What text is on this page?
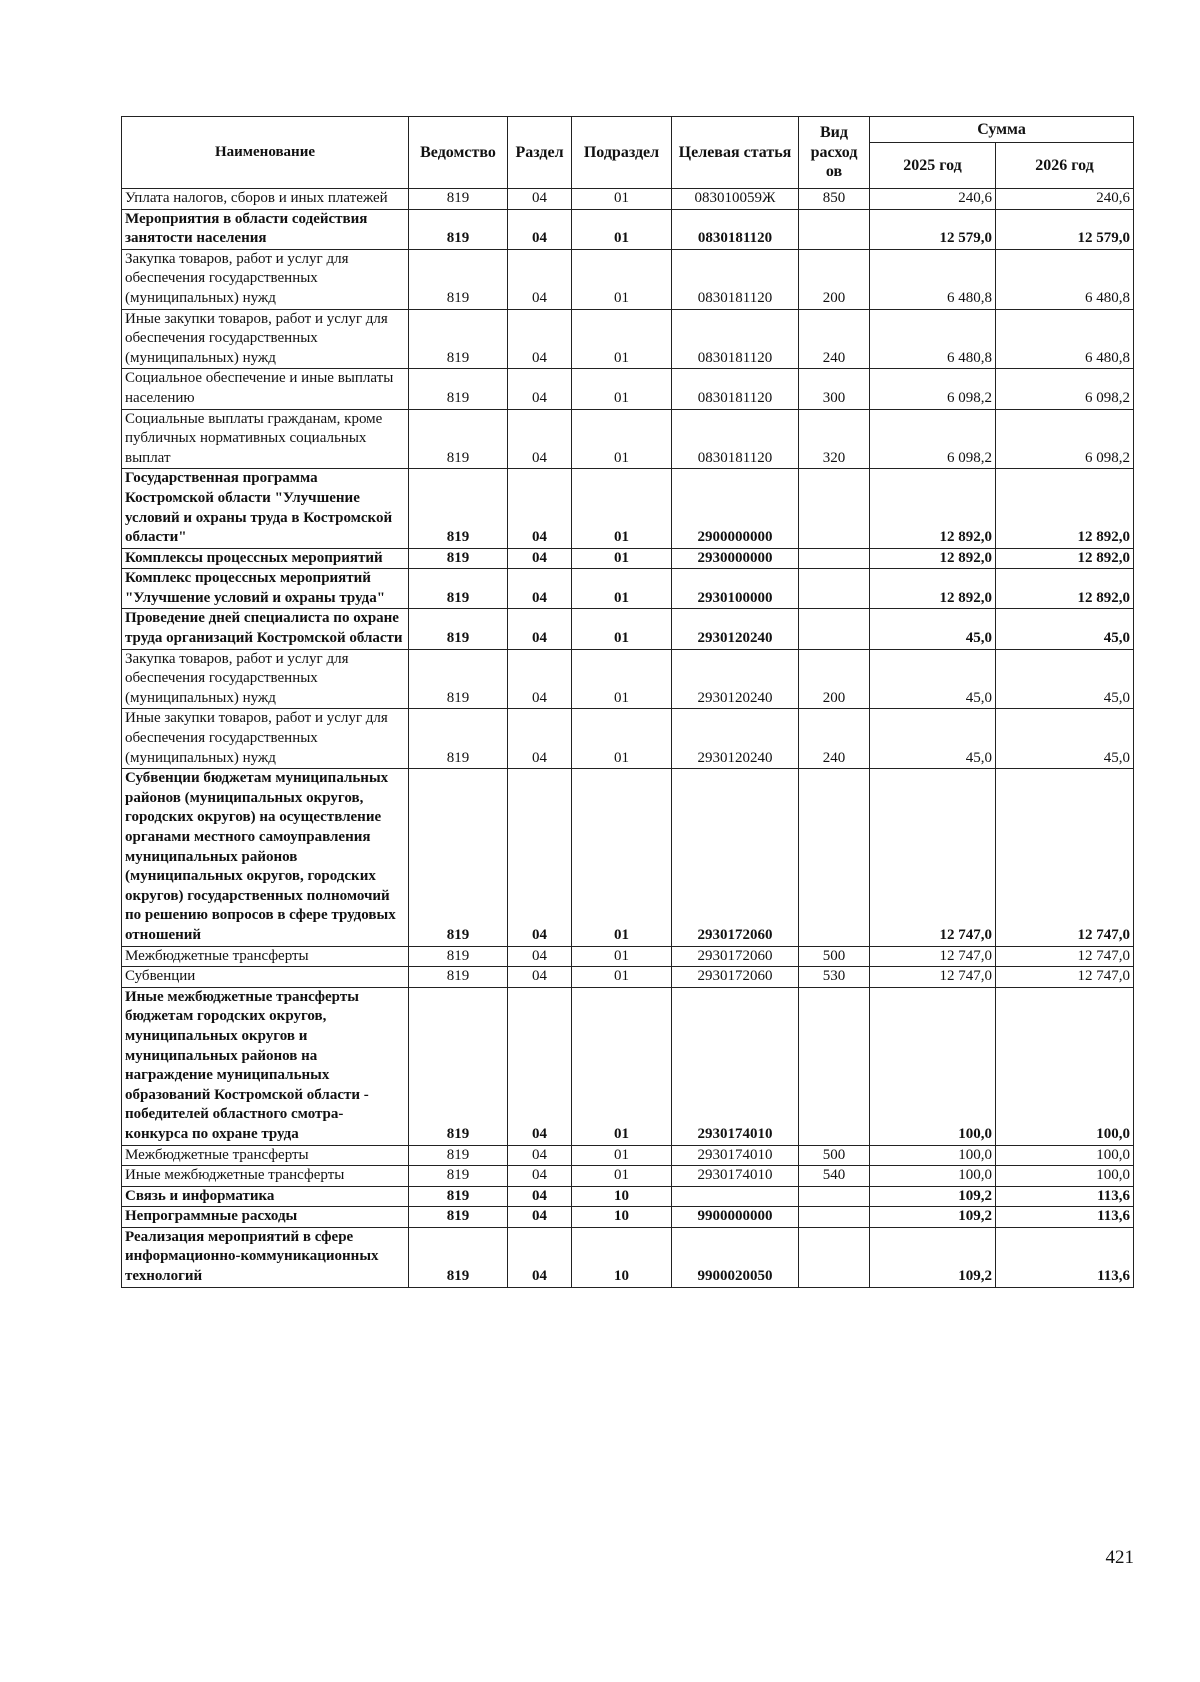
Наименование	Ведомство	Раздел	Подраздел	Целевая статья	Вид расход ов	Сумма	
						2025 год	2026 год
Уплата налогов, сборов и иных платежей	819	04	01	083010059Ж	850	240,6	240,6
Мероприятия в области содействия занятости населения	819	04	01	0830181120		12 579,0	12 579,0
Закупка товаров, работ и услуг для обеспечения государственных (муниципальных) нужд	819	04	01	0830181120	200	6 480,8	6 480,8
Иные закупки товаров, работ и услуг для обеспечения государственных (муниципальных) нужд	819	04	01	0830181120	240	6 480,8	6 480,8
Социальное обеспечение и иные выплаты населению	819	04	01	0830181120	300	6 098,2	6 098,2
Социальные выплаты гражданам, кроме публичных нормативных социальных выплат	819	04	01	0830181120	320	6 098,2	6 098,2
Государственная программа Костромской области "Улучшение условий и охраны труда в Костромской области"	819	04	01	2900000000		12 892,0	12 892,0
Комплексы процессных мероприятий	819	04	01	2930000000		12 892,0	12 892,0
Комплекс процессных мероприятий "Улучшение условий и охраны труда"	819	04	01	2930100000		12 892,0	12 892,0
Проведение дней специалиста по охране труда организаций Костромской области	819	04	01	2930120240		45,0	45,0
Закупка товаров, работ и услуг для обеспечения государственных (муниципальных) нужд	819	04	01	2930120240	200	45,0	45,0
Иные закупки товаров, работ и услуг для обеспечения государственных (муниципальных) нужд	819	04	01	2930120240	240	45,0	45,0
Субвенции бюджетам муниципальных районов (муниципальных округов, городских округов) на осуществление органами местного самоуправления муниципальных районов (муниципальных округов, городских округов) государственных полномочий по решению вопросов в сфере трудовых отношений	819	04	01	2930172060		12 747,0	12 747,0
Межбюджетные трансферты	819	04	01	2930172060	500	12 747,0	12 747,0
Субвенции	819	04	01	2930172060	530	12 747,0	12 747,0
Иные межбюджетные трансферты бюджетам городских округов, муниципальных округов и муниципальных районов на награждение муниципальных образований Костромской области - победителей областного смотра-конкурса по охране труда	819	04	01	2930174010		100,0	100,0
Межбюджетные трансферты	819	04	01	2930174010	500	100,0	100,0
Иные межбюджетные трансферты	819	04	01	2930174010	540	100,0	100,0
Связь и информатика	819	04	10			109,2	113,6
Непрограммные расходы	819	04	10	9900000000		109,2	113,6
Реализация мероприятий в сфере информационно-коммуникационных технологий	819	04	10	9900020050		109,2	113,6
421
